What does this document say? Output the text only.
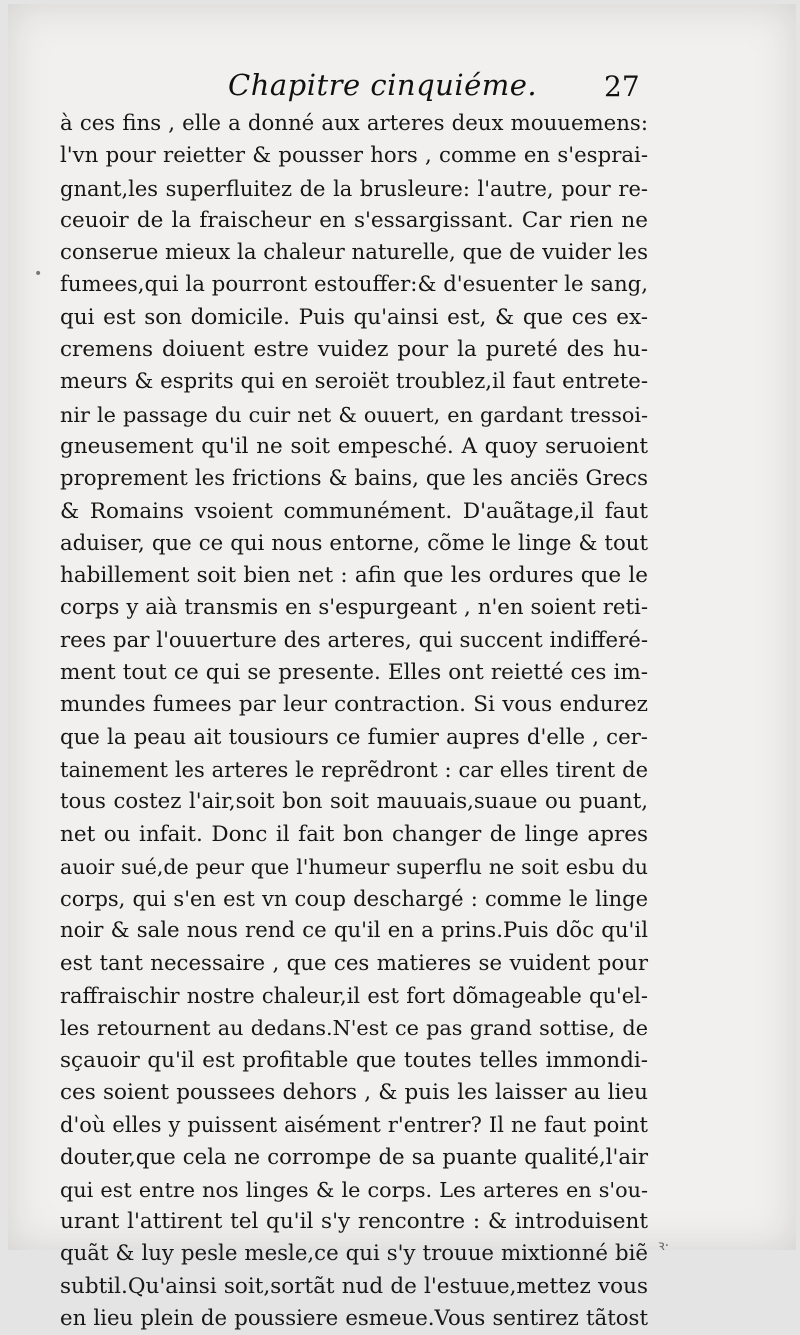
Chapitre cinquiéme. 27
•
à ces fins , elle a donné aux arteres deux mouuemens:
l'vn pour reietter & pousser hors , comme en s'esprai-
gnant,les superfluitez de la brusleure: l'autre, pour re-
ceuoir de la fraischeur en s'essargissant. Car rien ne
conserue mieux la chaleur naturelle, que de vuider les
fumees,qui la pourront estouffer:& d'esuenter le sang,
qui est son domicile. Puis qu'ainsi est, & que ces ex-
cremens doiuent estre vuidez pour la pureté des hu-
meurs & esprits qui en seroiët troublez,il faut entrete-
nir le passage du cuir net & ouuert, en gardant tressoi-
gneusement qu'il ne soit empesché. A quoy seruoient
proprement les frictions & bains, que les anciës Grecs
& Romains vsoient communément. D'auãtage,il faut
aduiser, que ce qui nous entorne, cõme le linge & tout
habillement soit bien net : afin que les ordures que le
corps y aià transmis en s'espurgeant , n'en soient reti-
rees par l'ouuerture des arteres, qui succent indifferé-
ment tout ce qui se presente. Elles ont reietté ces im-
mundes fumees par leur contraction. Si vous endurez
que la peau ait tousiours ce fumier aupres d'elle , cer-
tainement les arteres le reprẽdront : car elles tirent de
tous costez l'air,soit bon soit mauuais,suaue ou puant,
net ou infait. Donc il fait bon changer de linge apres
auoir sué,de peur que l'humeur superflu ne soit esbu du
corps, qui s'en est vn coup deschargé : comme le linge
noir & sale nous rend ce qu'il en a prins.Puis dõc qu'il
est tant necessaire , que ces matieres se vuident pour
raffraischir nostre chaleur,il est fort dõmageable qu'el-
les retournent au dedans.N'est ce pas grand sottise, de
sçauoir qu'il est profitable que toutes telles immondi-
ces soient poussees dehors , & puis les laisser au lieu
d'où elles y puissent aisément r'entrer? Il ne faut point
douter,que cela ne corrompe de sa puante qualité,l'air
qui est entre nos linges & le corps. Les arteres en s'ou-
urant l'attirent tel qu'il s'y rencontre : & introduisent
quãt & luy pesle mesle,ce qui s'y trouue mixtionné biẽ
subtil.Qu'ainsi soit,sortãt nud de l'estuue,mettez vous
en lieu plein de poussiere esmeue.Vous sentirez tãtost
ꝛ·
